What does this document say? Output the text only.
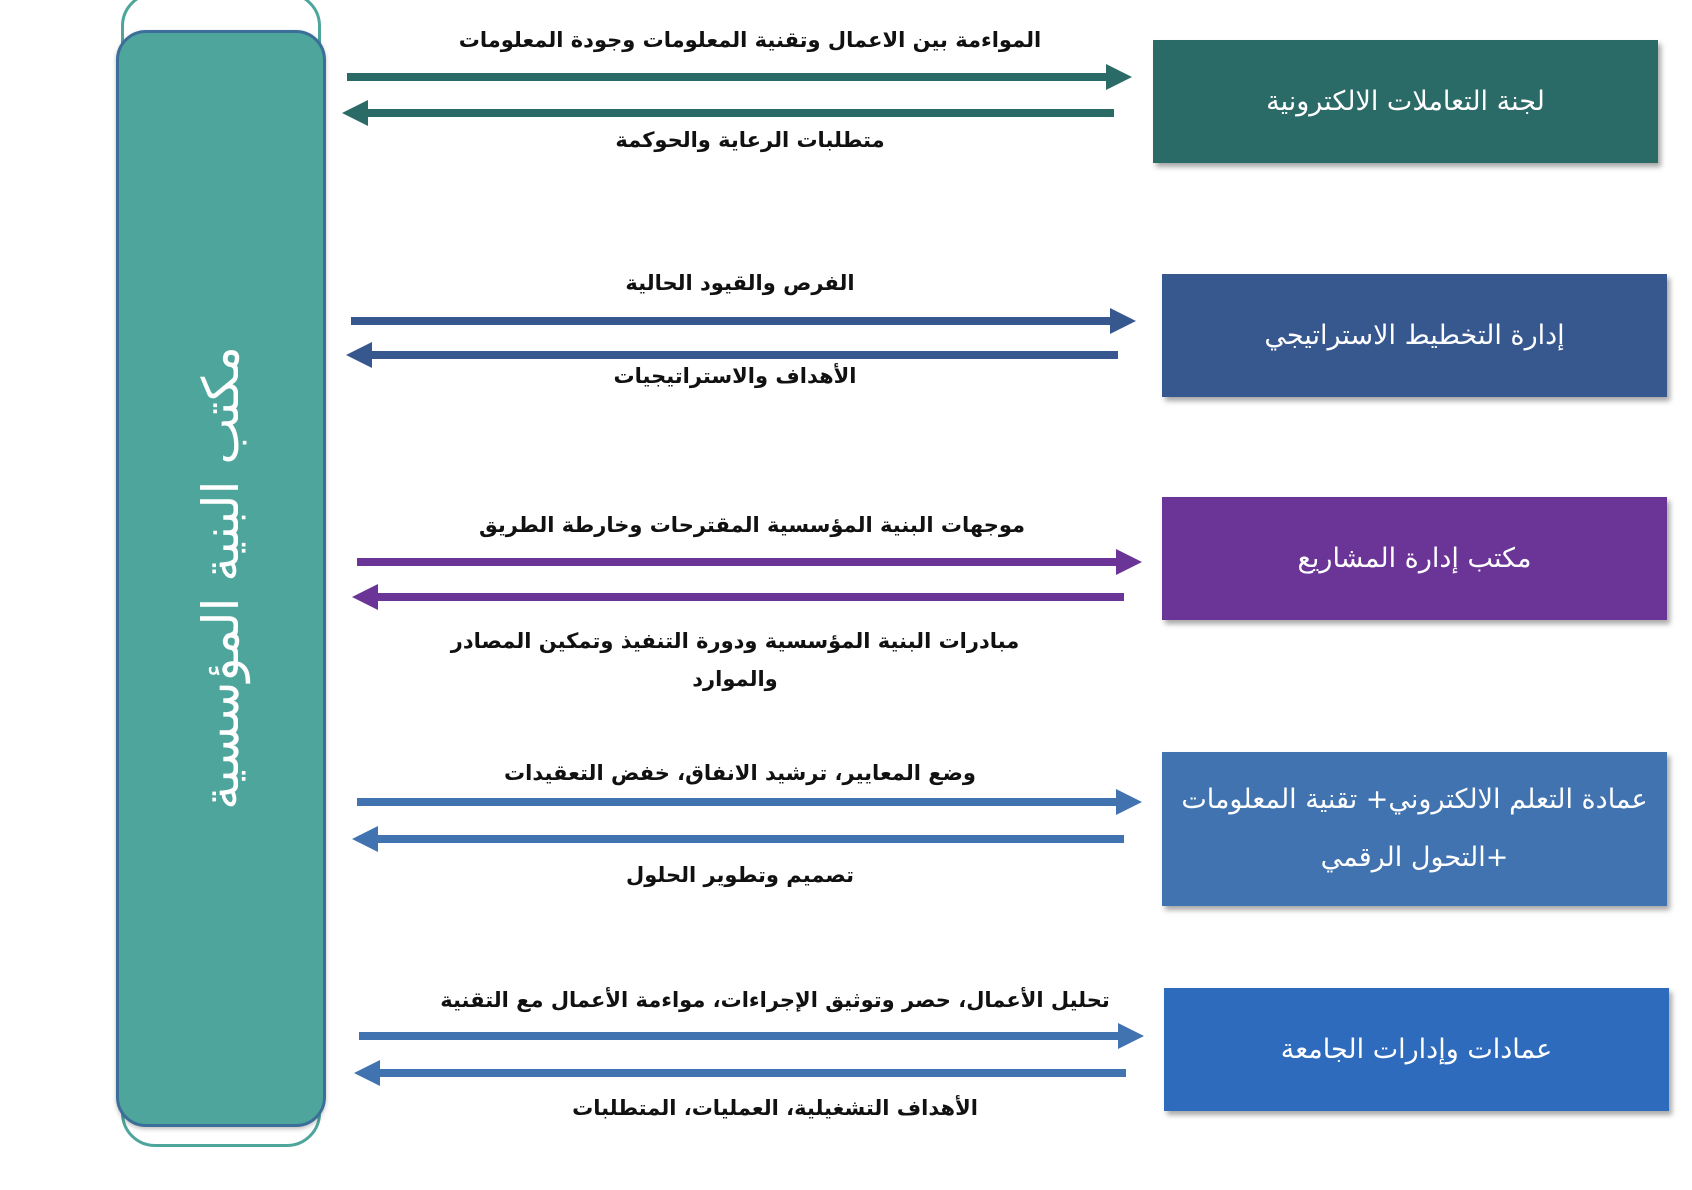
مكتب البنية المؤسسية
لجنة التعاملات الالكترونية
إدارة التخطيط الاستراتيجي
مكتب إدارة المشاريع
عمادة التعلم الالكتروني+ تقنية المعلومات +التحول الرقمي
عمادات وإدارات الجامعة
المواءمة بين الاعمال وتقنية المعلومات وجودة المعلومات
متطلبات الرعاية والحوكمة
الفرص والقيود الحالية
الأهداف والاستراتيجيات
موجهات البنية المؤسسية المقترحات وخارطة الطريق
مبادرات البنية المؤسسية ودورة التنفيذ وتمكين المصادر والموارد
وضع المعايير، ترشيد الانفاق، خفض التعقيدات
تصميم وتطوير الحلول
تحليل الأعمال، حصر وتوثيق الإجراءات، مواءمة الأعمال مع التقنية
الأهداف التشغيلية، العمليات، المتطلبات
